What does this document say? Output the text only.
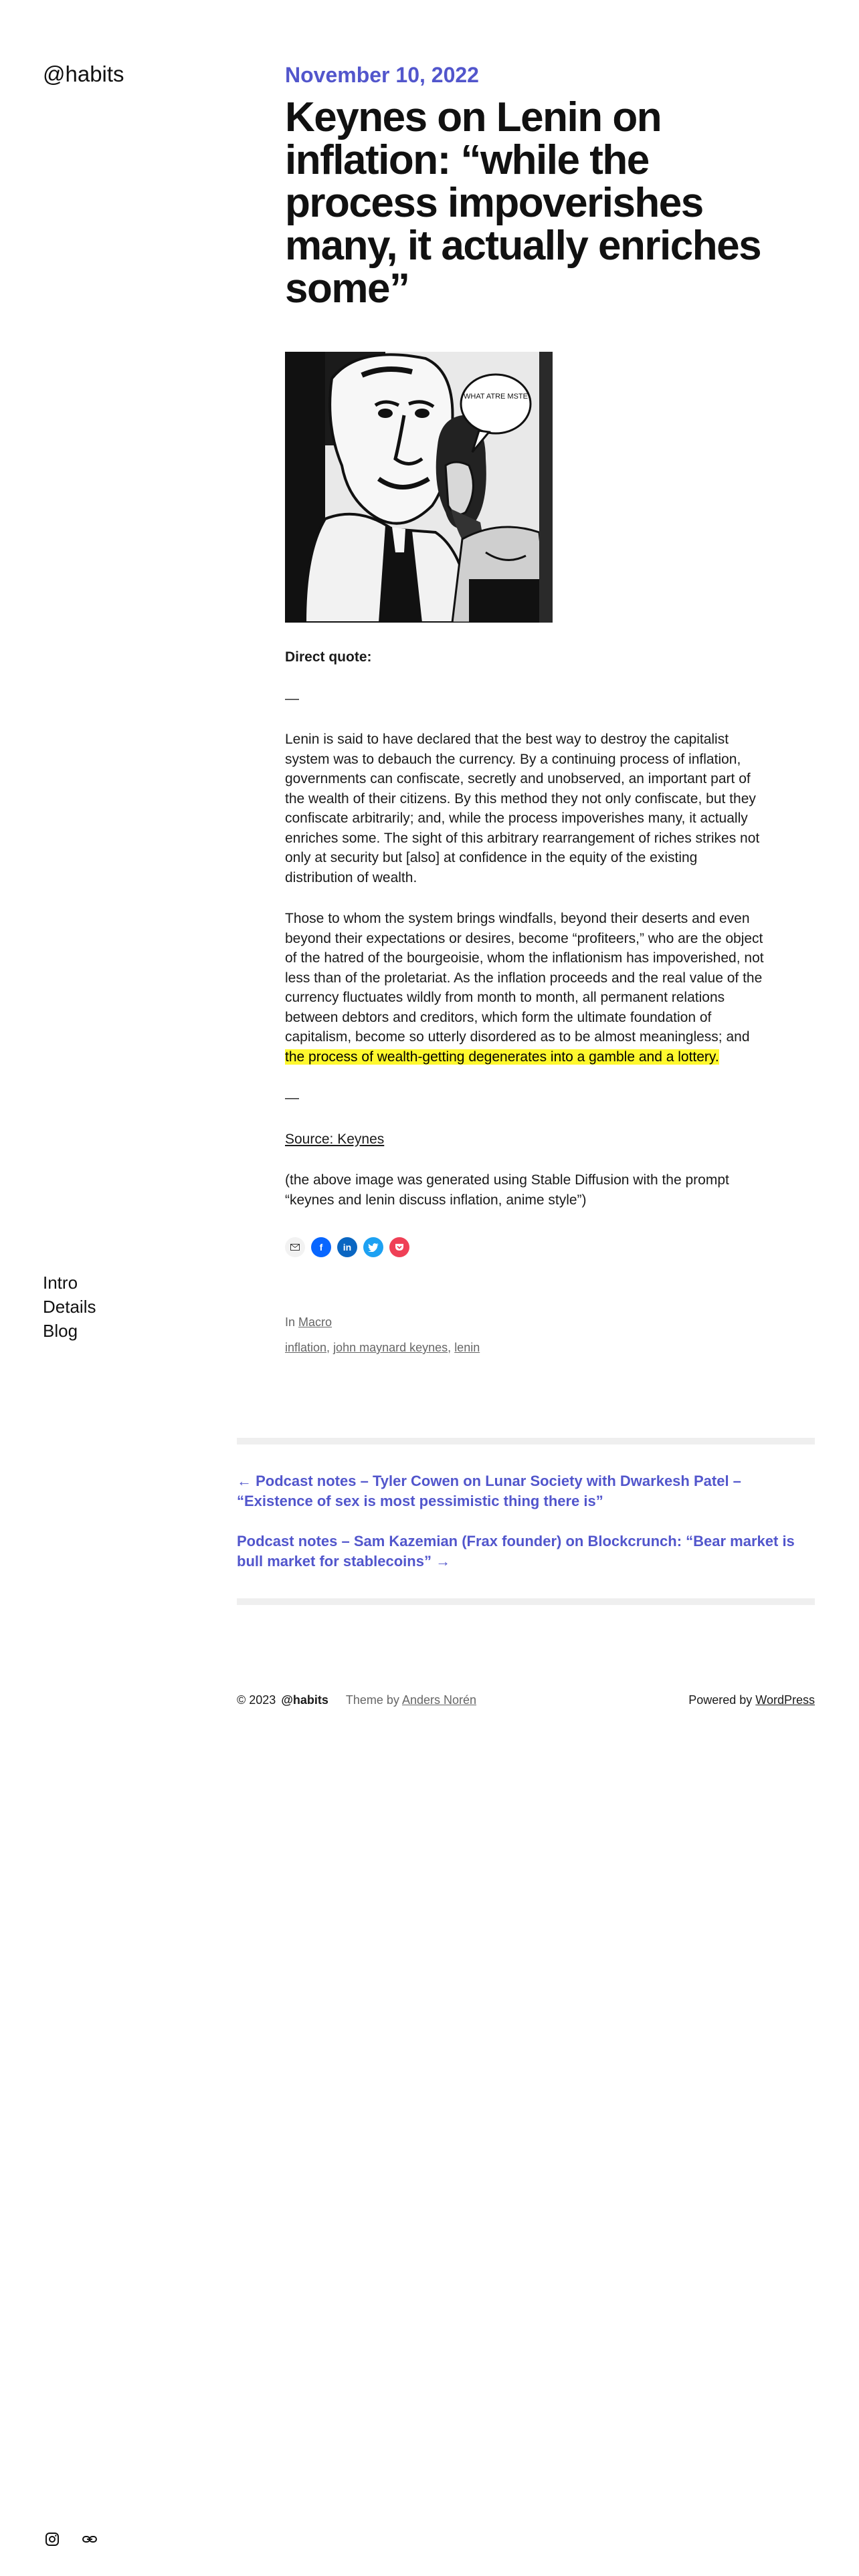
@habits
Intro
Details
Blog
November 10, 2022
Keynes on Lenin on inflation: “while the process impoverishes many, it actually enriches some”
WHAT ATRE MSTE

Direct quote:

—

Lenin is said to have declared that the best way to destroy the capitalist system was to debauch the currency. By a continuing process of inflation, governments can confiscate, secretly and unobserved, an important part of the wealth of their citizens. By this method they not only confiscate, but they confiscate arbitrarily; and, while the process impoverishes many, it actually enriches some. The sight of this arbitrary rearrangement of riches strikes not only at security but [also] at confidence in the equity of the existing distribution of wealth.

Those to whom the system brings windfalls, beyond their deserts and even beyond their expectations or desires, become “profiteers,” who are the object of the hatred of the bourgeoisie, whom the inflationism has impoverished, not less than of the proletariat. As the inflation proceeds and the real value of the currency fluctuates wildly from month to month, all permanent relations between debtors and creditors, which form the ultimate foundation of capitalism, become so utterly disordered as to be almost meaningless; and the process of wealth-getting degenerates into a gamble and a lottery.

—

Source: Keynes

(the above image was generated using Stable Diffusion with the prompt “keynes and lenin discuss inflation, anime style”)

f	in
In Macro
inflation, john maynard keynes, lenin
← Podcast notes – Tyler Cowen on Lunar Society with Dwarkesh Patel – “Existence of sex is most pessimistic thing there is”
Podcast notes – Sam Kazemian (Frax founder) on Blockcrunch: “Bear market is bull market for stablecoins” →
© 2023 @habits Theme by Anders Norén	Powered by WordPress
